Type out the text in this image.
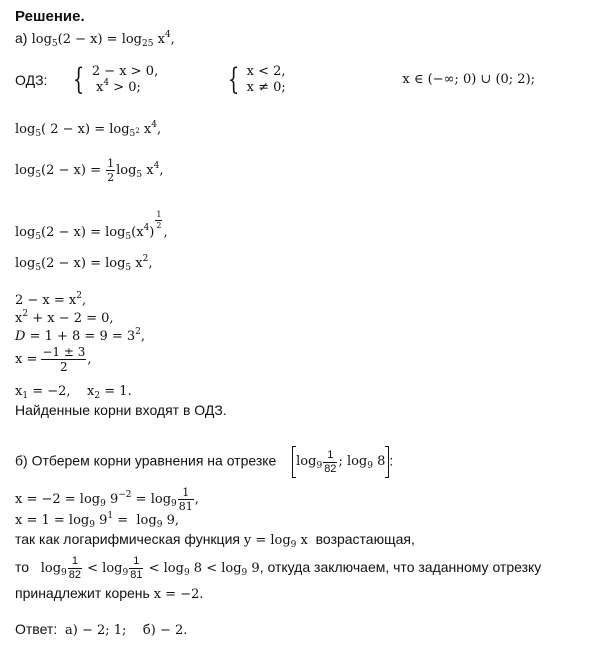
Решение.
а) $\log_5(2 - x) = \log_{25} x^4$,
ОДЗ: { 2 − x > 0,
$x^4 > 0$;	{ x < 2,
x ≠ 0;
x ∈ (−∞; 0) ∪ (0; 2);
$\log_5$( $2 - x) = \log_{5^2} x^4$,
$\log_5(2 - x) = \frac{1}{2} \log_5 x^4$,
$\log_5(2 - x) = \log_5(x^4)$
$\frac{1}{2}$
,
$\log_5(2 - x) = \log_5 x^2$,
$2 - x = x^2$,
$x^2 + x - 2 = 0$,
$D = 1 + 8 = 9 = 3^2$,
$x = \frac{-1 \pm 3}{2}$ ,
$x_1 = -2$,    $x_2 = 1$.
Найденные корни входят в ОДЗ.
б) Отберем корни уравнения на отрезке $\log_9 \frac{1}{82}$ ; $\log_9 8$ :
$x = -2 = \log_9 9^{-2} = \log_9 \frac{1}{81}$ ,
$x = 1 = \log_9 9^1 = \log_9 9$,
так как логарифмическая функция $y = \log_9 x$  возрастающая,
то $\log_9 \frac{1}{82} < \log_9 \frac{1}{81} < \log_9 8 < \log_9 9$, откуда заключаем, что заданному отрезку
принадлежит корень x = −2.
Ответ:  а) − 2; 1;    б) − 2.
